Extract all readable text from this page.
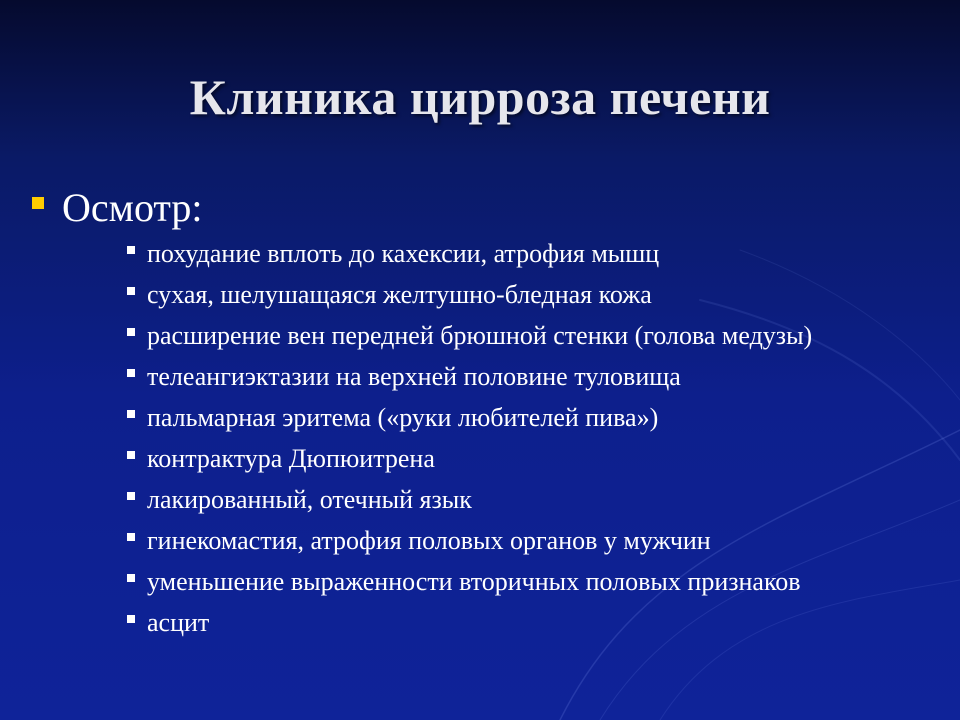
Клиника цирроза печени
Осмотр:
похудание вплоть до кахексии, атрофия мышц
сухая, шелушащаяся желтушно-бледная кожа
расширение вен передней брюшной стенки (голова медузы)
телеангиэктазии на верхней половине туловища
пальмарная эритема («руки любителей пива»)
контрактура Дюпюитрена
лакированный, отечный язык
гинекомастия, атрофия половых органов у мужчин
уменьшение выраженности вторичных половых признаков
асцит
